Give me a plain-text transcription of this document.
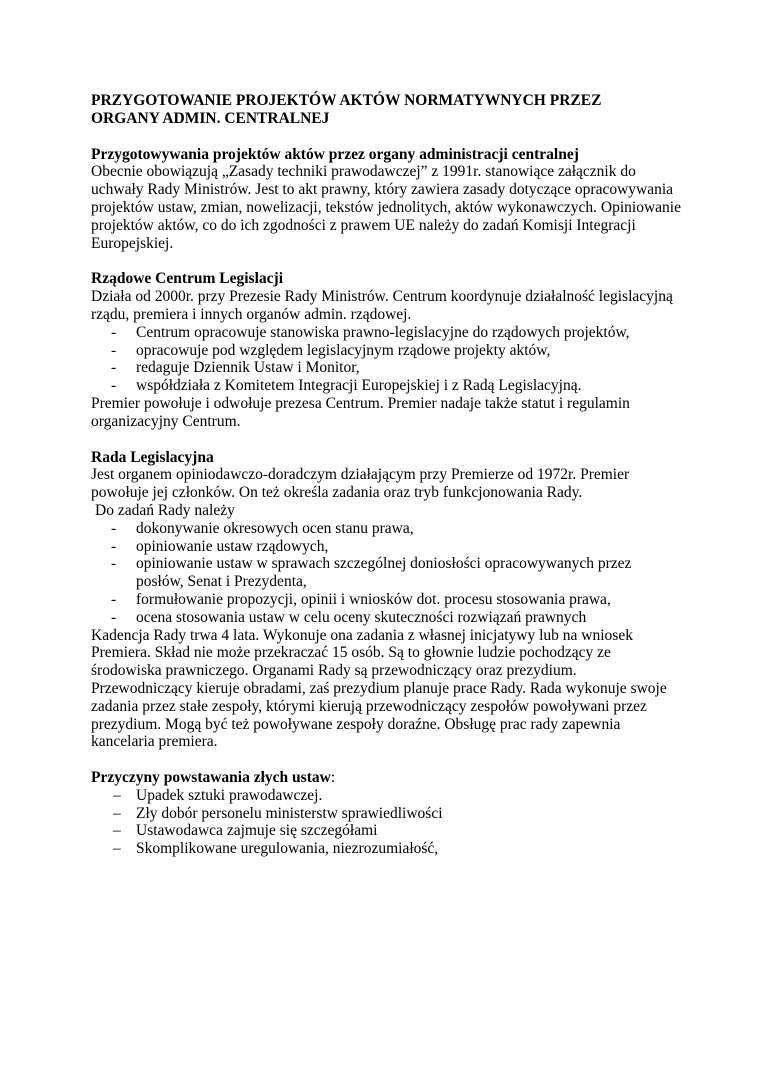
PRZYGOTOWANIE PROJEKTÓW AKTÓW NORMATYWNYCH PRZEZ
ORGANY ADMIN. CENTRALNEJ
Przygotowywania projektów aktów przez organy administracji centralnej

Obecnie obowiązują „Zasady techniki prawodawczej” z 1991r. stanowiące załącznik do uchwały Rady Ministrów. Jest to akt prawny, który zawiera zasady dotyczące opracowywania projektów ustaw, zmian, nowelizacji, tekstów jednolitych, aktów wykonawczych. Opiniowanie projektów aktów, co do ich zgodności z prawem UE należy do zadań Komisji Integracji Europejskiej.

Rządowe Centrum Legislacji

Działa od 2000r. przy Prezesie Rady Ministrów. Centrum koordynuje działalność legislacyjną rządu, premiera i innych organów admin. rządowej.

- Centrum opracowuje stanowiska prawno-legislacyjne do rządowych projektów,
- opracowuje pod względem legislacyjnym rządowe projekty aktów,
- redaguje Dziennik Ustaw i Monitor,
- współdziała z Komitetem Integracji Europejskiej i z Radą Legislacyjną.

Premier powołuje i odwołuje prezesa Centrum. Premier nadaje także statut i regulamin organizacyjny Centrum.

Rada Legislacyjna

Jest organem opiniodawczo-doradczym działającym przy Premierze od 1972r. Premier powołuje jej członków. On też określa zadania oraz tryb funkcjonowania Rady.

Do zadań Rady należy

- dokonywanie okresowych ocen stanu prawa,
- opiniowanie ustaw rządowych,
- opiniowanie ustaw w sprawach szczególnej doniosłości opracowywanych przez posłów, Senat i Prezydenta,
- formułowanie propozycji, opinii i wniosków dot. procesu stosowania prawa,
- ocena stosowania ustaw w celu oceny skuteczności rozwiązań prawnych

Kadencja Rady trwa 4 lata. Wykonuje ona zadania z własnej inicjatywy lub na wniosek Premiera. Skład nie może przekraczać 15 osób. Są to głownie ludzie pochodzący ze środowiska prawniczego. Organami Rady są przewodniczący oraz prezydium. Przewodniczący kieruje obradami, zaś prezydium planuje prace Rady. Rada wykonuje swoje zadania przez stałe zespoły, którymi kierują przewodniczący zespołów powoływani przez prezydium. Mogą być też powoływane zespoły doraźne. Obsługę prac rady zapewnia kancelaria premiera.

Przyczyny powstawania złych ustaw:
– Upadek sztuki prawodawczej.
– Zły dobór personelu ministerstw sprawiedliwości
– Ustawodawca zajmuje się szczegółami
– Skomplikowane uregulowania, niezrozumiałość,
